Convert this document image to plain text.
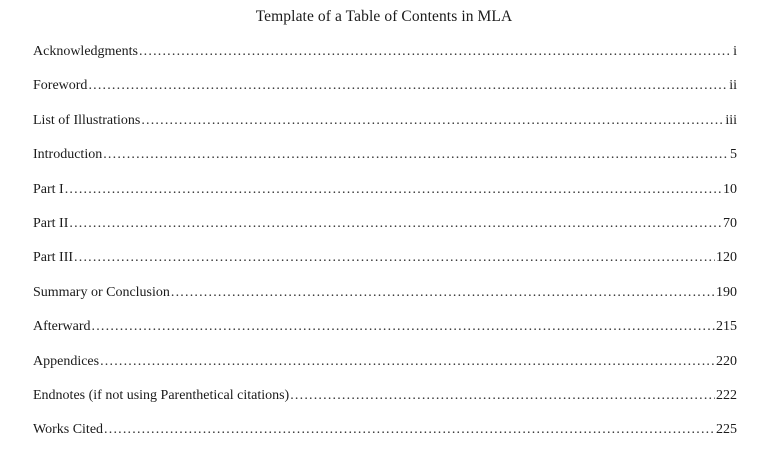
Template of a Table of Contents in MLA
Acknowledgments .....	i
Foreword .....	ii
List of Illustrations .....	iii
Introduction .....	5
Part I .....	10
Part II .....	70
Part III .....	120
Summary or Conclusion .....	190
Afterward .....	215
Appendices .....	220
Endnotes (if not using Parenthetical citations) .....	222
Works Cited .....	225
